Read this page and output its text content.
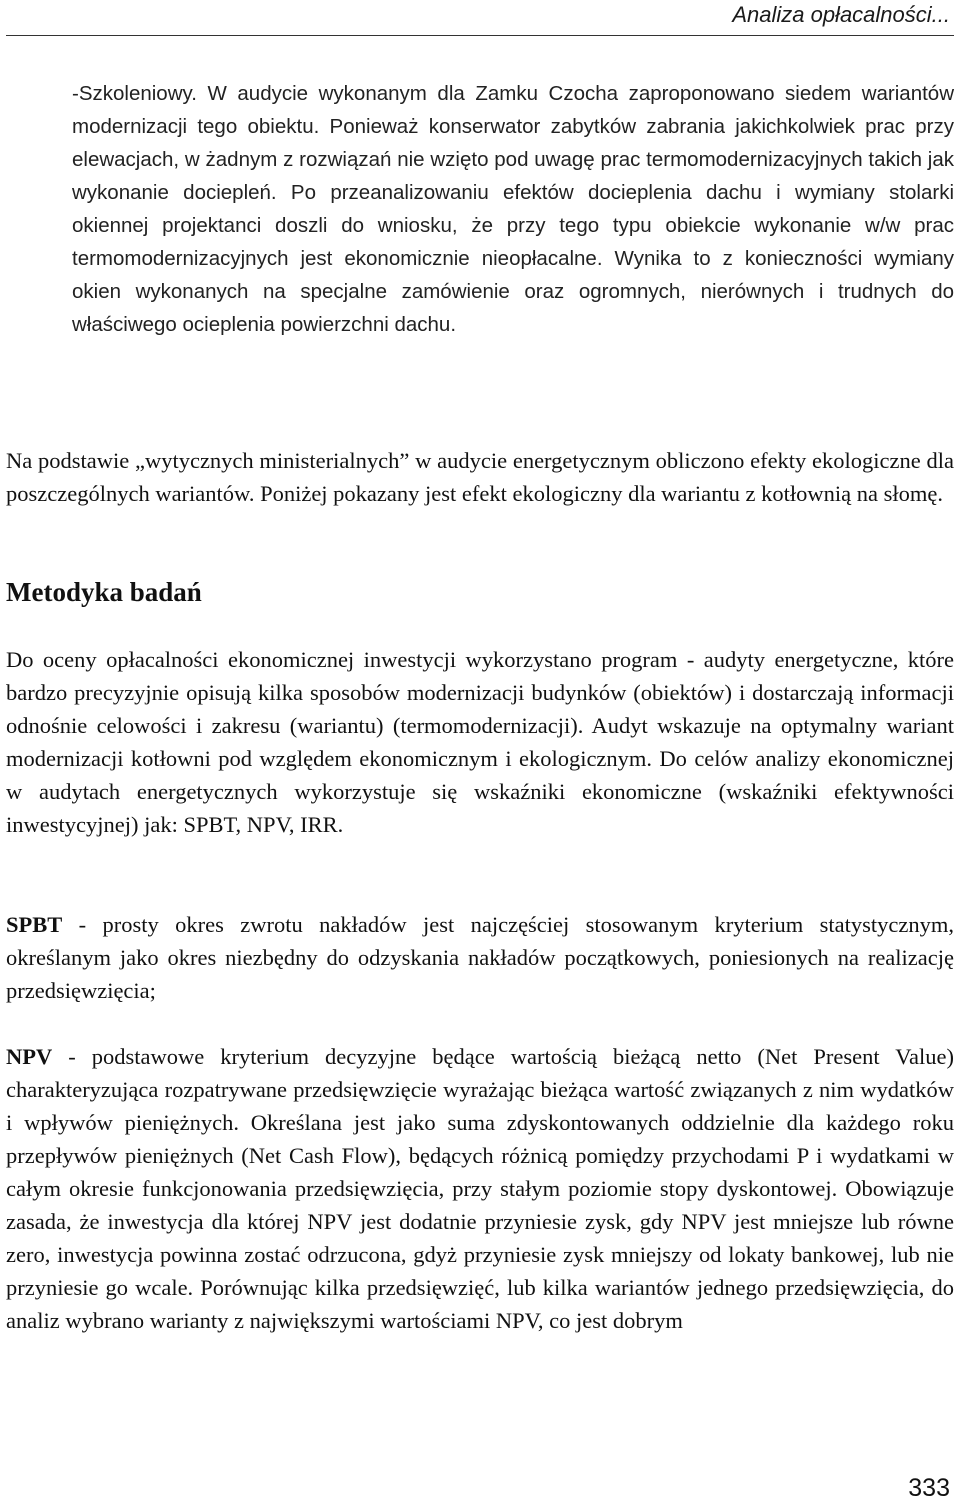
Analiza opłacalności...

-Szkoleniowy. W audycie wykonanym dla Zamku Czocha zaproponowano siedem wariantów modernizacji tego obiektu. Ponieważ konserwator zabytków zabrania jakichkolwiek prac przy elewacjach, w żadnym z rozwiązań nie wzięto pod uwagę prac termomodernizacyjnych takich jak wykonanie dociepleń. Po przeanalizowaniu efektów docieplenia dachu i wymiany stolarki okiennej projektanci doszli do wniosku, że przy tego typu obiekcie wykonanie w/w prac termomodernizacyjnych jest ekonomicznie nieopłacalne. Wynika to z konieczności wymiany okien wykonanych na specjalne zamówienie oraz ogromnych, nierównych i trudnych do właściwego ocieplenia powierzchni dachu.

Na podstawie „wytycznych ministerialnych” w audycie energetycznym obliczono efekty ekologiczne dla poszczególnych wariantów. Poniżej pokazany jest efekt ekologiczny dla wariantu z kotłownią na słomę.

Metodyka badań

Do oceny opłacalności ekonomicznej inwestycji wykorzystano program - audyty energetyczne, które bardzo precyzyjnie opisują kilka sposobów modernizacji budynków (obiektów) i dostarczają informacji odnośnie celowości i zakresu (wariantu) (termomodernizacji). Audyt wskazuje na optymalny wariant modernizacji kotłowni pod względem ekonomicznym i ekologicznym. Do celów analizy ekonomicznej w audytach energetycznych wykorzystuje się wskaźniki ekonomiczne (wskaźniki efektywności inwestycyjnej) jak: SPBT, NPV, IRR.

SPBT - prosty okres zwrotu nakładów jest najczęściej stosowanym kryterium statystycznym, określanym jako okres niezbędny do odzyskania nakładów początkowych, poniesionych na realizację przedsięwzięcia;

NPV - podstawowe kryterium decyzyjne będące wartością bieżącą netto (Net Present Value) charakteryzująca rozpatrywane przedsięwzięcie wyrażając bieżąca wartość związanych z nim wydatków i wpływów pieniężnych. Określana jest jako suma zdyskontowanych oddzielnie dla każdego roku przepływów pieniężnych (Net Cash Flow), będących różnicą pomiędzy przychodami P i wydatkami w całym okresie funkcjonowania przedsięwzięcia, przy stałym poziomie stopy dyskontowej. Obowiązuje zasada, że inwestycja dla której NPV jest dodatnie przyniesie zysk, gdy NPV jest mniejsze lub równe zero, inwestycja powinna zostać odrzucona, gdyż przyniesie zysk mniejszy od lokaty bankowej, lub nie przyniesie go wcale. Porównując kilka przedsięwzięć, lub kilka wariantów jednego przedsięwzięcia, do analiz wybrano warianty z największymi wartościami NPV, co jest dobrym

333
